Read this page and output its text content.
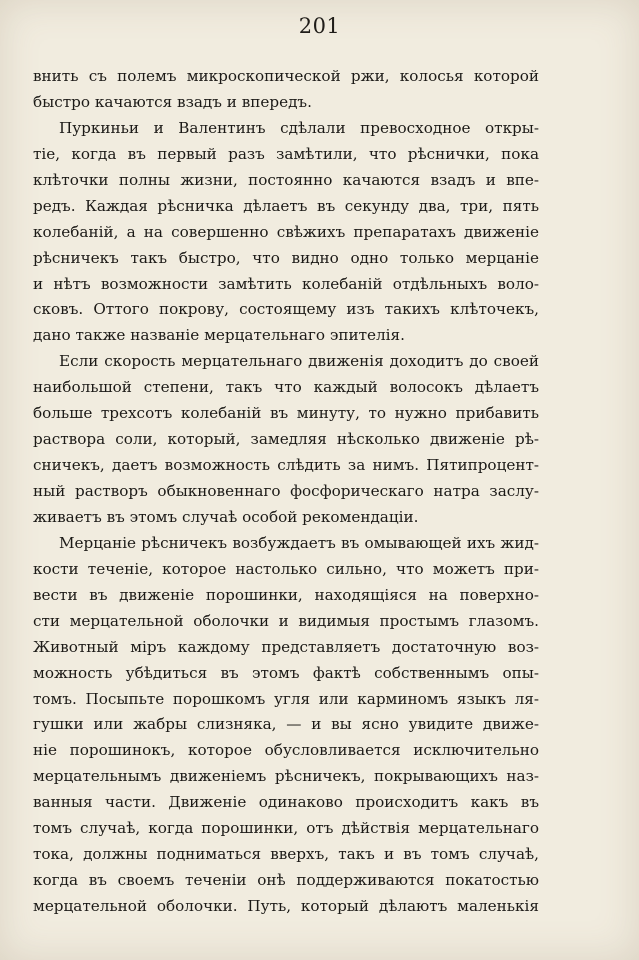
201
внить съ полемъ микроскопической ржи, колосья которой
быстро качаются взадъ и впередъ.
Пуркиньи и Валентинъ сдѣлали превосходное откры-
тіе, когда въ первый разъ замѣтили, что рѣснички, пока
клѣточки полны жизни, постоянно качаются взадъ и впе-
редъ. Каждая рѣсничка дѣлаетъ въ секунду два, три, пять
колебаній, а на совершенно свѣжихъ препаратахъ движеніе
рѣсничекъ такъ быстро, что видно одно только мерцаніе
и нѣтъ возможности замѣтить колебаній отдѣльныхъ воло-
сковъ. Оттого покрову, состоящему изъ такихъ клѣточекъ,
дано также названіе мерцательнаго эпителія.
Если скорость мерцательнаго движенія доходитъ до своей
наибольшой степени, такъ что каждый волосокъ дѣлаетъ
больше трехсотъ колебаній въ минуту, то нужно прибавить
раствора соли, который, замедляя нѣсколько движеніе рѣ-
сничекъ, даетъ возможность слѣдить за нимъ. Пятипроцент-
ный растворъ обыкновеннаго фосфорическаго натра заслу-
живаетъ въ этомъ случаѣ особой рекомендаціи.
Мерцаніе рѣсничекъ возбуждаетъ въ омывающей ихъ жид-
кости теченіе, которое настолько сильно, что можетъ при-
вести въ движеніе порошинки, находящіяся на поверхно-
сти мерцательной оболочки и видимыя простымъ глазомъ.
Животный міръ каждому представляетъ достаточную воз-
можность убѣдиться въ этомъ фактѣ собственнымъ опы-
томъ. Посыпьте порошкомъ угля или карминомъ языкъ ля-
гушки или жабры слизняка, — и вы ясно увидите движе-
ніе порошинокъ, которое обусловливается исключительно
мерцательнымъ движеніемъ рѣсничекъ, покрывающихъ наз-
ванныя части. Движеніе одинаково происходитъ какъ въ
томъ случаѣ, когда порошинки, отъ дѣйствія мерцательнаго
тока, должны подниматься вверхъ, такъ и въ томъ случаѣ,
когда въ своемъ теченіи онѣ поддерживаются покатостью
мерцательной оболочки. Путь, который дѣлаютъ маленькія
